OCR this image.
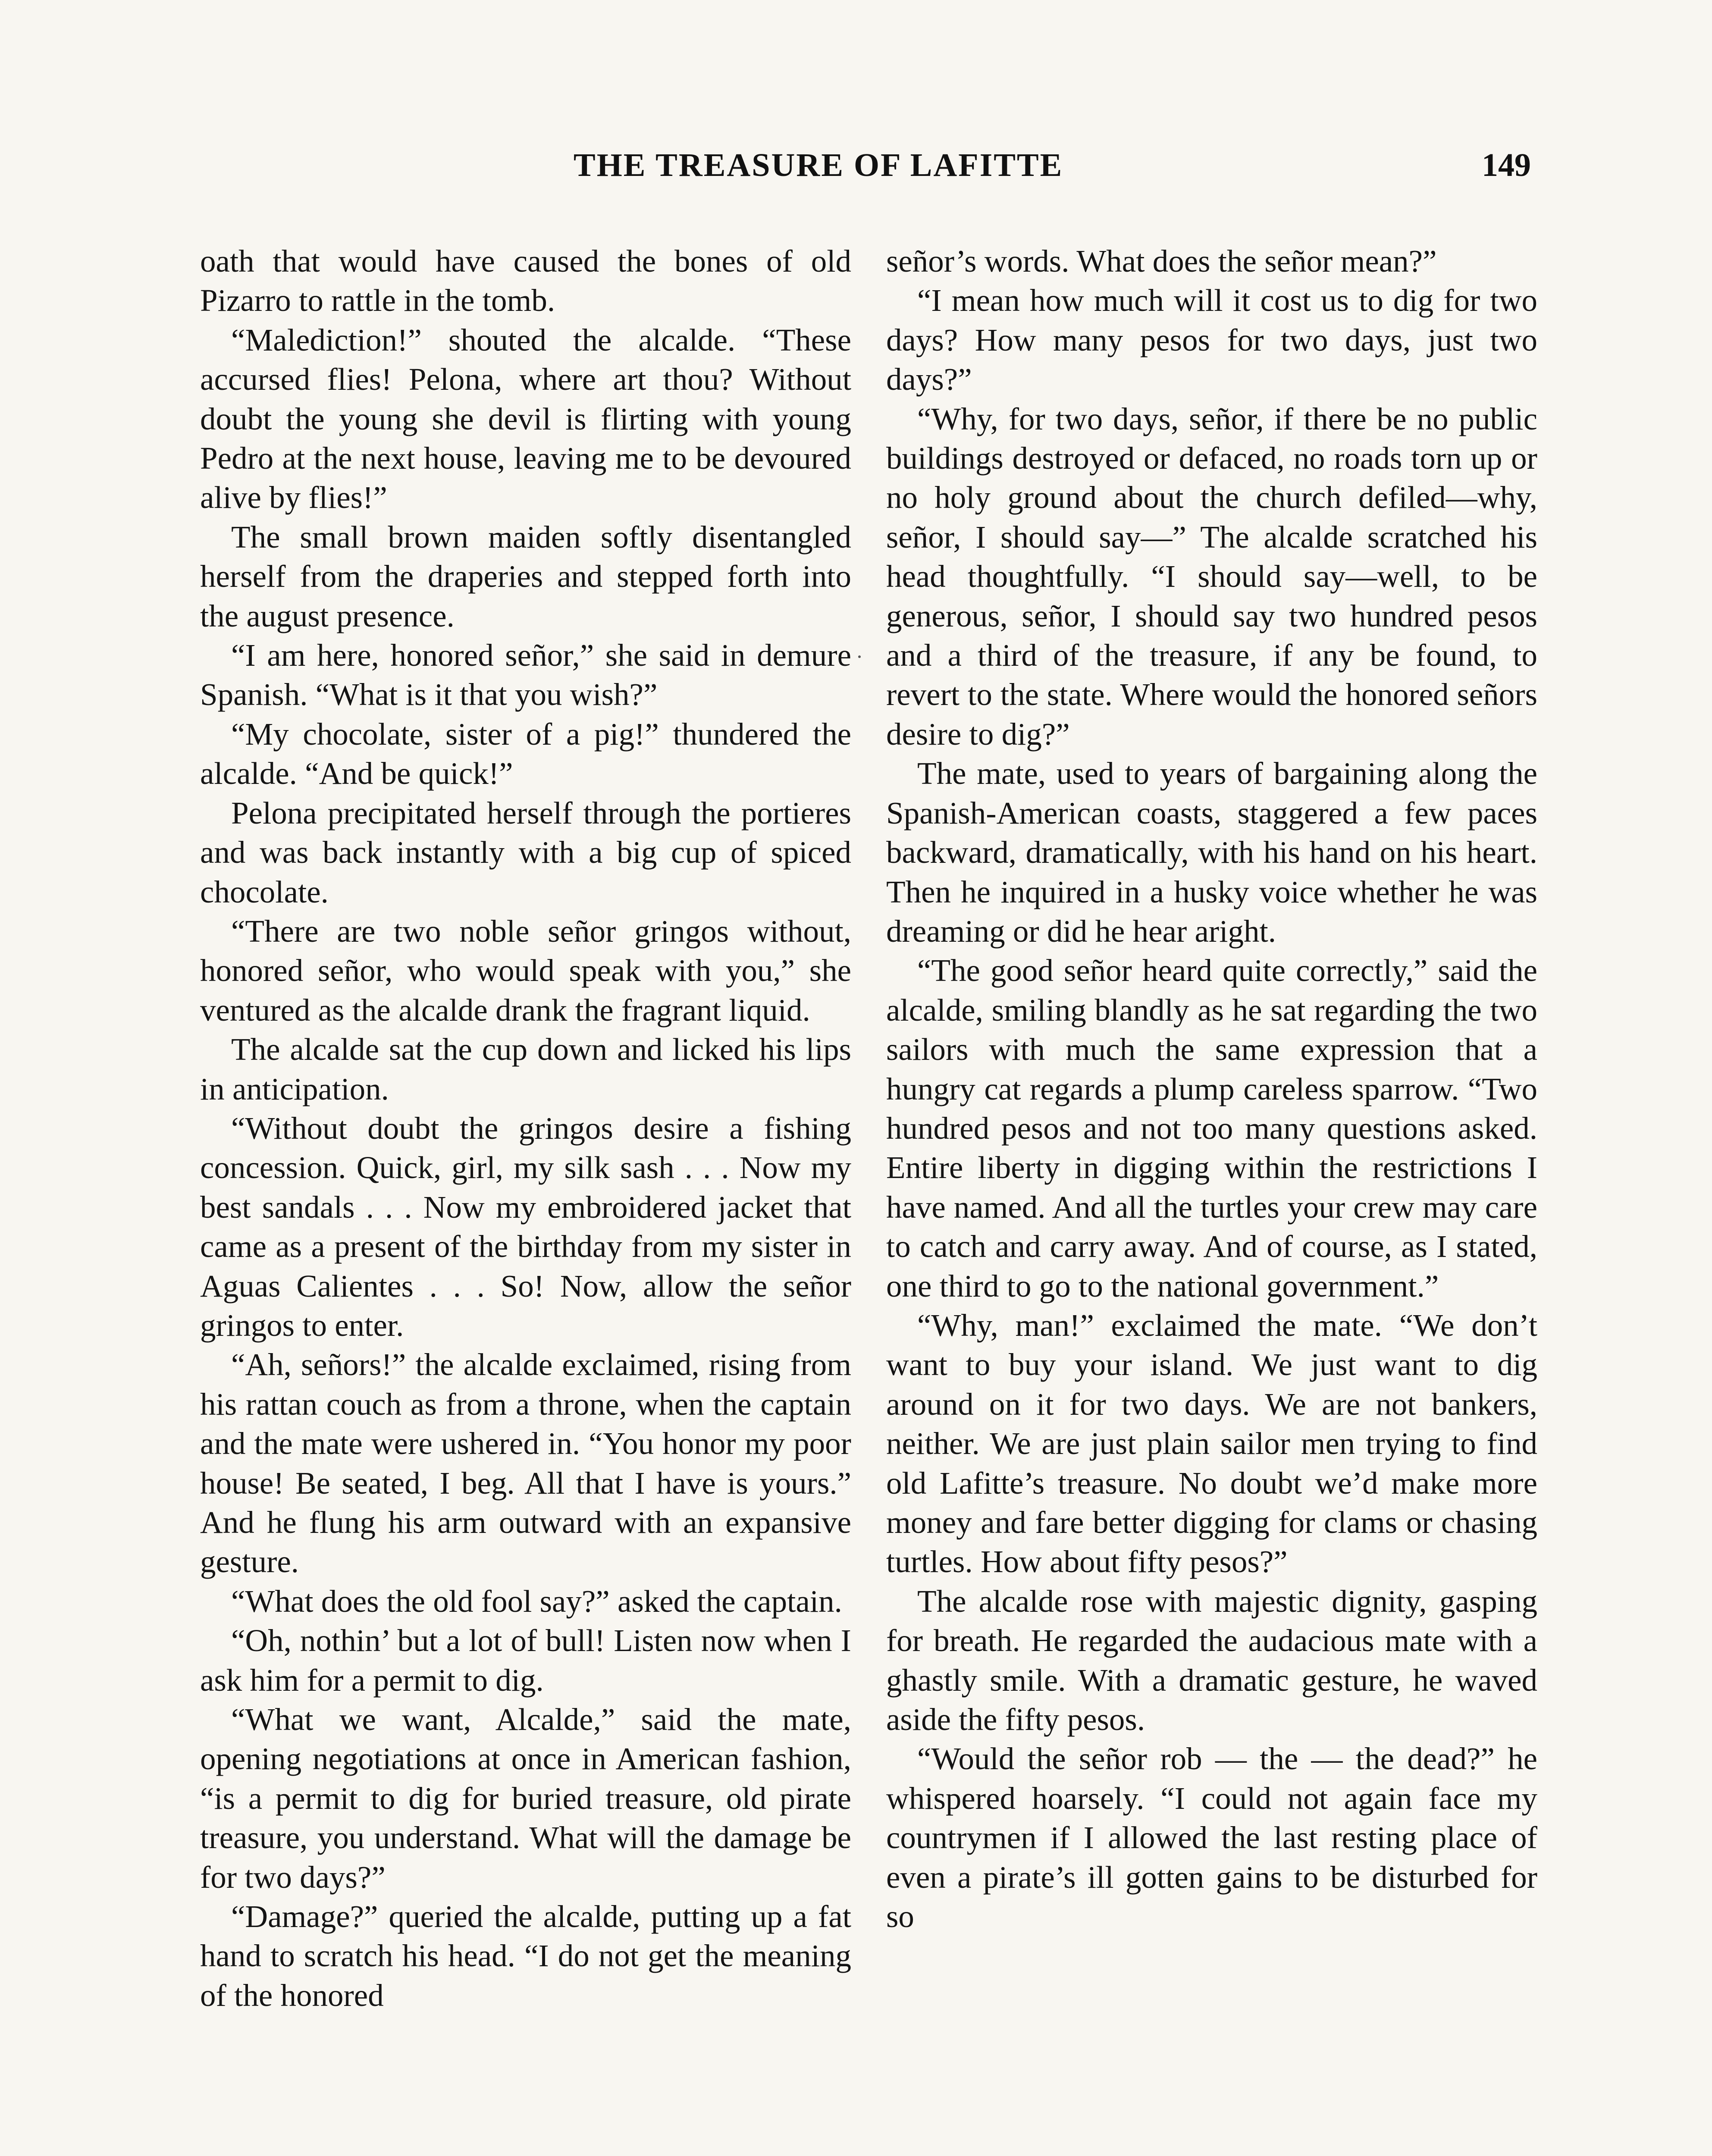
THE TREASURE OF LAFITTE	149

oath that would have caused the bones of old Pizarro to rattle in the tomb.

“Malediction!” shouted the alcalde. “These accursed flies! Pelona, where art thou? Without doubt the young she devil is flirting with young Pedro at the next house, leaving me to be devoured alive by flies!”

The small brown maiden softly disentangled herself from the draperies and stepped forth into the august presence.

“I am here, honored señor,” she said in demure Spanish. “What is it that you wish?”

“My chocolate, sister of a pig!” thundered the alcalde. “And be quick!”

Pelona precipitated herself through the portieres and was back instantly with a big cup of spiced chocolate.

“There are two noble señor gringos without, honored señor, who would speak with you,” she ventured as the alcalde drank the fragrant liquid.

The alcalde sat the cup down and licked his lips in anticipation.

“Without doubt the gringos desire a fishing concession. Quick, girl, my silk sash . . . Now my best sandals . . . Now my embroidered jacket that came as a present of the birthday from my sister in Aguas Calientes . . . So! Now, allow the señor gringos to enter.

“Ah, señors!” the alcalde exclaimed, rising from his rattan couch as from a throne, when the captain and the mate were ushered in. “You honor my poor house! Be seated, I beg. All that I have is yours.” And he flung his arm outward with an expansive gesture.

“What does the old fool say?” asked the captain.

“Oh, nothin’ but a lot of bull! Listen now when I ask him for a permit to dig.

“What we want, Alcalde,” said the mate, opening negotiations at once in American fashion, “is a permit to dig for buried treasure, old pirate treasure, you understand. What will the damage be for two days?”

“Damage?” queried the alcalde, putting up a fat hand to scratch his head. “I do not get the meaning of the honored

señor’s words. What does the señor mean?”

“I mean how much will it cost us to dig for two days? How many pesos for two days, just two days?”

“Why, for two days, señor, if there be no public buildings destroyed or defaced, no roads torn up or no holy ground about the church defiled—why, señor, I should say—” The alcalde scratched his head thoughtfully. “I should say—well, to be generous, señor, I should say two hundred pesos and a third of the treasure, if any be found, to revert to the state. Where would the honored señors desire to dig?”

The mate, used to years of bargaining along the Spanish-American coasts, staggered a few paces backward, dramatically, with his hand on his heart. Then he inquired in a husky voice whether he was dreaming or did he hear aright.

“The good señor heard quite correctly,” said the alcalde, smiling blandly as he sat regarding the two sailors with much the same expression that a hungry cat regards a plump careless sparrow. “Two hundred pesos and not too many questions asked. Entire liberty in digging within the restrictions I have named. And all the turtles your crew may care to catch and carry away. And of course, as I stated, one third to go to the national government.”

“Why, man!” exclaimed the mate. “We don’t want to buy your island. We just want to dig around on it for two days. We are not bankers, neither. We are just plain sailor men trying to find old Lafitte’s treasure. No doubt we’d make more money and fare better digging for clams or chasing turtles. How about fifty pesos?”

The alcalde rose with majestic dignity, gasping for breath. He regarded the audacious mate with a ghastly smile. With a dramatic gesture, he waved aside the fifty pesos.

“Would the señor rob — the — the dead?” he whispered hoarsely. “I could not again face my countrymen if I allowed the last resting place of even a pirate’s ill gotten gains to be disturbed for so
